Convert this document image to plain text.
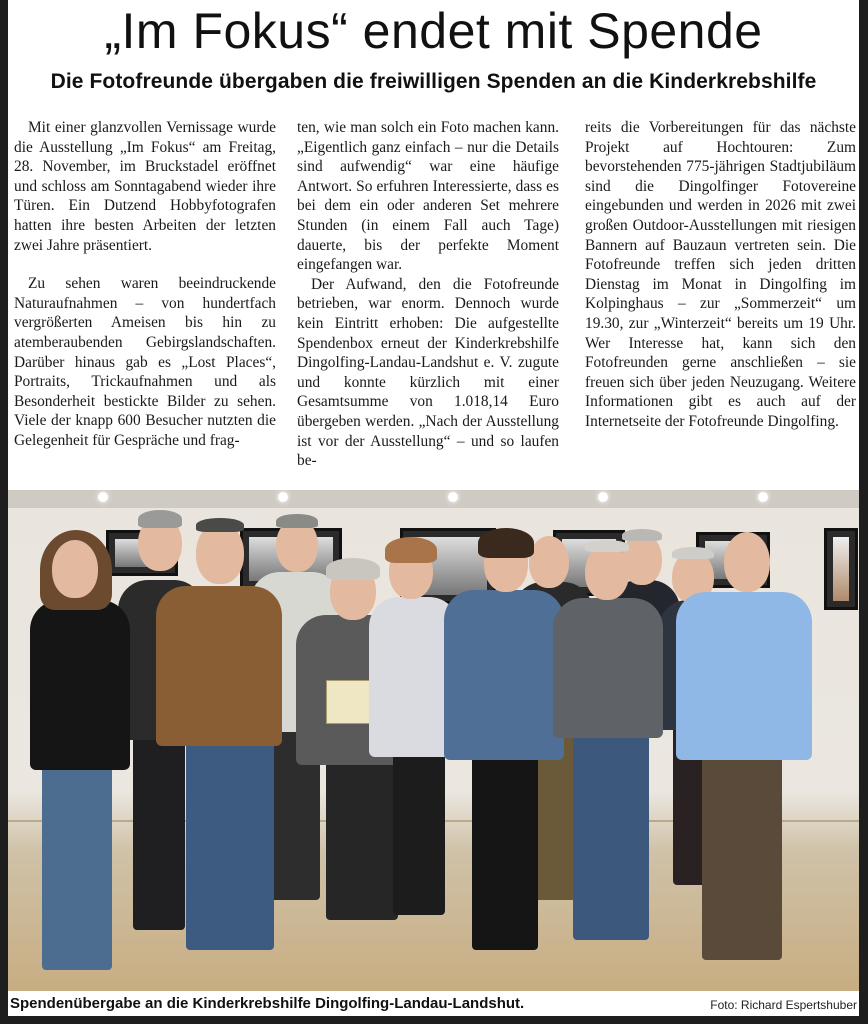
„Im Fokus“ endet mit Spende
Die Fotofreunde übergaben die freiwilligen Spenden an die Kinderkrebshilfe

Mit einer glanzvollen Vernissage wurde die Ausstellung „Im Fokus“ am Freitag, 28. November, im Bruckstadel eröffnet und schloss am Sonntagabend wieder ihre Türen. Ein Dutzend Hobbyfotografen hatten ihre besten Arbeiten der letzten zwei Jahre präsentiert.

Zu sehen waren beeindruckende Naturaufnahmen – von hundertfach vergrößerten Ameisen bis hin zu atemberaubenden Gebirgslandschaften. Darüber hinaus gab es „Lost Places“, Portraits, Trickaufnahmen und als Besonderheit bestickte Bilder zu sehen. Viele der knapp 600 Besucher nutzten die Gelegenheit für Gespräche und frag-

ten, wie man solch ein Foto machen kann. „Eigentlich ganz einfach – nur die Details sind aufwendig“ war eine häufige Antwort. So erfuhren Interessierte, dass es bei dem ein oder anderen Set mehrere Stunden (in einem Fall auch Tage) dauerte, bis der perfekte Moment eingefangen war.

Der Aufwand, den die Fotofreunde betrieben, war enorm. Dennoch wurde kein Eintritt erhoben: Die aufgestellte Spendenbox erneut der Kinderkrebshilfe Dingolfing-Landau-Landshut e. V. zugute und konnte kürzlich mit einer Gesamtsumme von 1.018,14 Euro übergeben werden. „Nach der Ausstellung ist vor der Ausstellung“ – und so laufen be-

reits die Vorbereitungen für das nächste Projekt auf Hochtouren: Zum bevorstehenden 775-jährigen Stadtjubiläum sind die Dingolfinger Fotovereine eingebunden und werden in 2026 mit zwei großen Outdoor-Ausstellungen mit riesigen Bannern auf Bauzaun vertreten sein. Die Fotofreunde treffen sich jeden dritten Dienstag im Monat in Dingolfing im Kolpinghaus – zur „Sommerzeit“ um 19.30, zur „Winterzeit“ bereits um 19 Uhr. Wer Interesse hat, kann sich den Fotofreunden gerne anschließen – sie freuen sich über jeden Neuzugang. Weitere Informationen gibt es auch auf der Internetseite der Fotofreunde Dingolfing.

Spendenübergabe an die Kinderkrebshilfe Dingolfing-Landau-Landshut.	Foto: Richard Espertshuber
